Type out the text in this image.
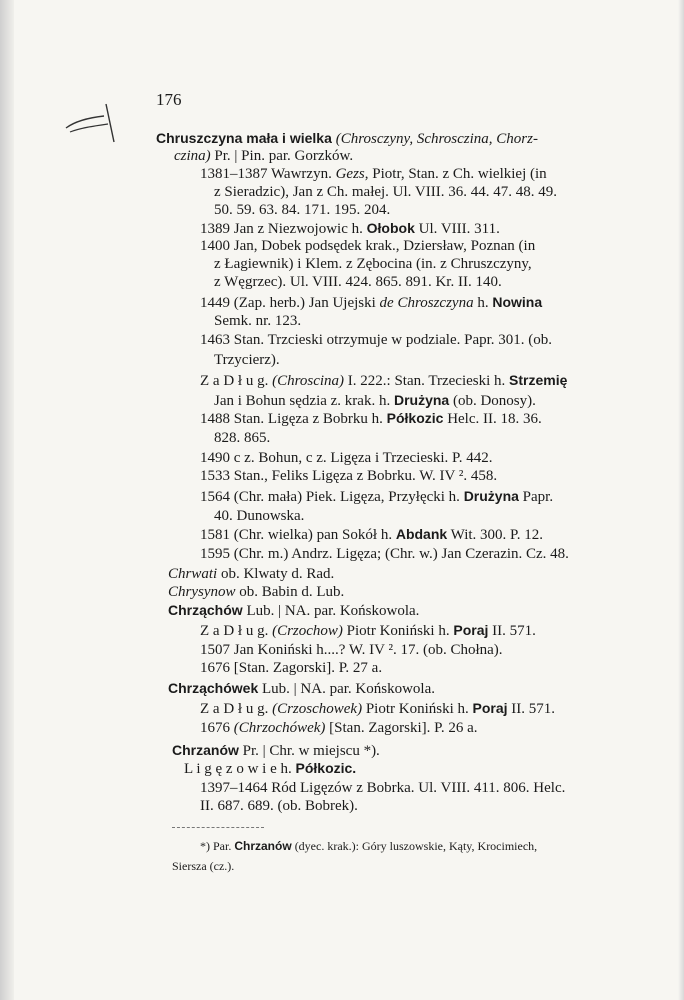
176
Chruszczyna mała i wielka (Chrosczyny, Schrosczina, Chorz-
czina) Pr. | Pin. par. Gorzków.
1381–1387 Wawrzyn. Gezs, Piotr, Stan. z Ch. wielkiej (in
z Sieradzic), Jan z Ch. małej. Ul. VIII. 36. 44. 47. 48. 49.
50. 59. 63. 84. 171. 195. 204.
1389 Jan z Niezwojowic h. Ołobok Ul. VIII. 311.
1400 Jan, Dobek podsędek krak., Dziersław, Poznan (in
z Łagiewnik) i Klem. z Zębocina (in. z Chruszczyny,
z Węgrzec). Ul. VIII. 424. 865. 891. Kr. II. 140.
1449 (Zap. herb.) Jan Ujejski de Chroszczyna h. Nowina
Semk. nr. 123.
1463 Stan. Trzcieski otrzymuje w podziale. Papr. 301. (ob.
Trzycierz).
Z a D ł u g. (Chroscina) I. 222.: Stan. Trzecieski h. Strzemię
Jan i Bohun sędzia z. krak. h. Drużyna (ob. Donosy).
1488 Stan. Ligęza z Bobrku h. Półkozic Helc. II. 18. 36.
828. 865.
1490 c z. Bohun, c z. Ligęza i Trzecieski. P. 442.
1533 Stan., Feliks Ligęza z Bobrku. W. IV ². 458.
1564 (Chr. mała) Piek. Ligęza, Przyłęcki h. Drużyna Papr.
40. Dunowska.
1581 (Chr. wielka) pan Sokół h. Abdank Wit. 300. P. 12.
1595 (Chr. m.) Andrz. Ligęza; (Chr. w.) Jan Czerazin. Cz. 48.
Chrwati ob. Klwaty d. Rad.
Chrysynow ob. Babin d. Lub.
Chrząchów Lub. | NA. par. Końskowola.
Z a D ł u g. (Crzochow) Piotr Koniński h. Poraj II. 571.
1507 Jan Koniński h....? W. IV ². 17. (ob. Chołna).
1676 [Stan. Zagorski]. P. 27 a.
Chrząchówek Lub. | NA. par. Końskowola.
Z a D ł u g. (Crzoschowek) Piotr Koniński h. Poraj II. 571.
1676 (Chrzochówek) [Stan. Zagorski]. P. 26 a.
Chrzanów Pr. | Chr. w miejscu *).
L i g ę z o w i e h. Półkozic.
1397–1464 Ród Ligęzów z Bobrka. Ul. VIII. 411. 806. Helc.
II. 687. 689. (ob. Bobrek).
*) Par. Chrzanów (dyec. krak.): Góry luszowskie, Kąty, Krocimiech,
Siersza (cz.).
